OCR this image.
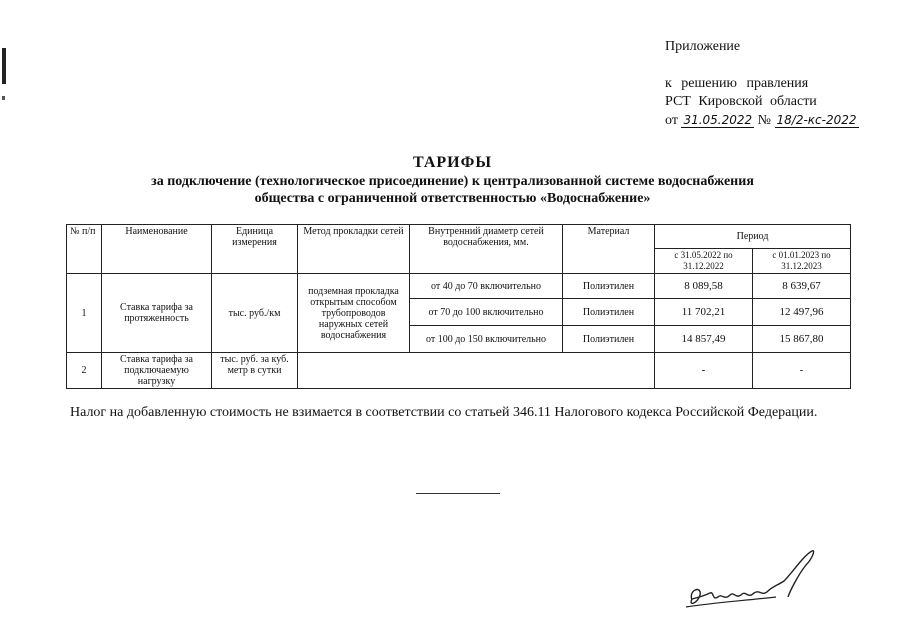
Приложение
к решению правления
РСТ Кировской области
от 31.05.2022 № 18/2-кс-2022
ТАРИФЫ
за подключение (технологическое присоединение) к централизованной системе водоснабжения
общества с ограниченной ответственностью «Водоснабжение»
№ п/п	Наименование	Единица измерения	Метод прокладки сетей	Внутренний диаметр сетей водоснабжения, мм.	Материал	Период	
						с 31.05.2022 по 31.12.2022	с 01.01.2023 по 31.12.2023
1	Ставка тарифа за протяженность	тыс. руб./км	подземная прокладка открытым способом трубопроводов наружных сетей водоснабжения	от 40 до 70 включительно	Полиэтилен	8 089,58	8 639,67
				от 70 до 100 включительно	Полиэтилен	11 702,21	12 497,96
				от 100 до 150 включительно	Полиэтилен	14 857,49	15 867,80
2	Ставка тарифа за подключаемую нагрузку	тыс. руб. за куб. метр в сутки				-	-
Налог на добавленную стоимость не взимается в соответствии со статьей 346.11 Налогового кодекса Российской Федерации.
